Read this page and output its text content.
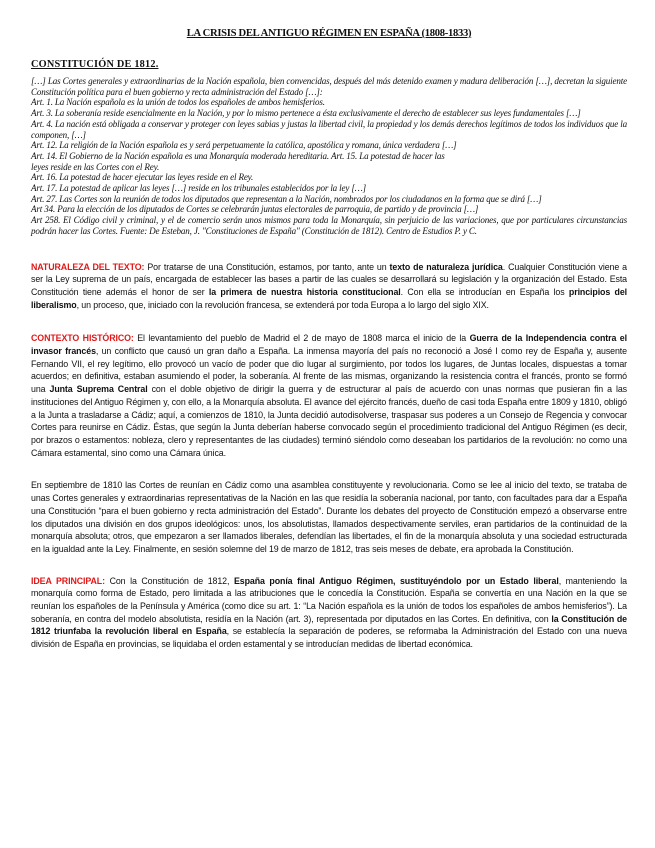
LA CRISIS DEL ANTIGUO RÉGIMEN EN ESPAÑA (1808-1833)
CONSTITUCIÓN DE 1812.

[…] Las Cortes generales y extraordinarias de la Nación española, bien convencidas, después del más detenido examen y madura deliberación […], decretan la siguiente Constitución política para el buen gobierno y recta administración del Estado […]:

Art. 1. La Nación española es la unión de todos los españoles de ambos hemisferios.

Art. 3. La soberanía reside esencialmente en la Nación, y por lo mismo pertenece a ésta exclusivamente el derecho de establecer sus leyes fundamentales […]

Art. 4. La nación está obligada a conservar y proteger con leyes sabias y justas la libertad civil, la propiedad y los demás derechos legítimos de todos los individuos que la componen, […]

Art. 12. La religión de la Nación española es y será perpetuamente la católica, apostólica y romana, única verdadera […]

Art. 14. El Gobierno de la Nación española es una Monarquía moderada hereditaria. Art. 15. La potestad de hacer las

leyes reside en las Cortes con el Rey.

Art. 16. La potestad de hacer ejecutar las leyes reside en el Rey.

Art. 17. La potestad de aplicar las leyes […] reside en los tribunales establecidos por la ley […]

Art. 27. Las Cortes son la reunión de todos los diputados que representan a la Nación, nombrados por los ciudadanos en la forma que se dirá […]

Art 34. Para la elección de los diputados de Cortes se celebrarán juntas electorales de parroquia, de partido y de provincia […]

Art 258. El Código civil y criminal, y el de comercio serán unos mismos para toda la Monarquía, sin perjuicio de las variaciones, que por particulares circunstancias podrán hacer las Cortes. Fuente: De Esteban, J. "Constituciones de España" (Constitución de 1812). Centro de Estudios P. y C.

NATURALEZA DEL TEXTO: Por tratarse de una Constitución, estamos, por tanto, ante un texto de naturaleza jurídica. Cualquier Constitución viene a ser la Ley suprema de un país, encargada de establecer las bases a partir de las cuales se desarrollará su legislación y la organización del Estado. Esta Constitución tiene además el honor de ser la primera de nuestra historia constitucional. Con ella se introducían en España los principios del liberalismo, un proceso, que, iniciado con la revolución francesa, se extenderá por toda Europa a lo largo del siglo XIX.

CONTEXTO HISTÓRICO: El levantamiento del pueblo de Madrid el 2 de mayo de 1808 marca el inicio de la Guerra de la Independencia contra el invasor francés, un conflicto que causó un gran daño a España. La inmensa mayoría del país no reconoció a José I como rey de España y, ausente Fernando VII, el rey legítimo, ello provocó un vacío de poder que dio lugar al surgimiento, por todos los lugares, de Juntas locales, dispuestas a tomar acuerdos; en definitiva, estaban asumiendo el poder, la soberanía. Al frente de las mismas, organizando la resistencia contra el francés, pronto se formó una Junta Suprema Central con el doble objetivo de dirigir la guerra y de estructurar al país de acuerdo con unas normas que pusieran fin a las instituciones del Antiguo Régimen y, con ello, a la Monarquía absoluta. El avance del ejército francés, dueño de casi toda España entre 1809 y 1810, obligó a la Junta a trasladarse a Cádiz; aquí, a comienzos de 1810, la Junta decidió autodisolverse, traspasar sus poderes a un Consejo de Regencia y convocar Cortes para reunirse en Cádiz. Éstas, que según la Junta deberían haberse convocado según el procedimiento tradicional del Antiguo Régimen (es decir, por brazos o estamentos: nobleza, clero y representantes de las ciudades) terminó siéndolo como deseaban los partidarios de la revolución: no como una Cámara estamental, sino como una Cámara única.

En septiembre de 1810 las Cortes de reunían en Cádiz como una asamblea constituyente y revolucionaria. Como se lee al inicio del texto, se trataba de unas Cortes generales y extraordinarias representativas de la Nación en las que residía la soberanía nacional, por tanto, con facultades para dar a España una Constitución “para el buen gobierno y recta administración del Estado”. Durante los debates del proyecto de Constitución empezó a observarse entre los diputados una división en dos grupos ideológicos: unos, los absolutistas, llamados despectivamente serviles, eran partidarios de la continuidad de la monarquía absoluta; otros, que empezaron a ser llamados liberales, defendían las libertades, el fin de la monarquía absoluta y una sociedad estructurada en la igualdad ante la Ley. Finalmente, en sesión solemne del 19 de marzo de 1812, tras seis meses de debate, era aprobada la Constitución.

IDEA PRINCIPAL: Con la Constitución de 1812, España ponía final Antiguo Régimen, sustituyéndolo por un Estado liberal, manteniendo la monarquía como forma de Estado, pero limitada a las atribuciones que le concedía la Constitución. España se convertía en una Nación en la que se reunían los españoles de la Península y América (como dice su art. 1: “La Nación española es la unión de todos los españoles de ambos hemisferios”). La soberanía, en contra del modelo absolutista, residía en la Nación (art. 3), representada por diputados en las Cortes. En definitiva, con la Constitución de 1812 triunfaba la revolución liberal en España, se establecía la separación de poderes, se reformaba la Administración del Estado con una nueva división de España en provincias, se liquidaba el orden estamental y se introducían medidas de libertad económica.
